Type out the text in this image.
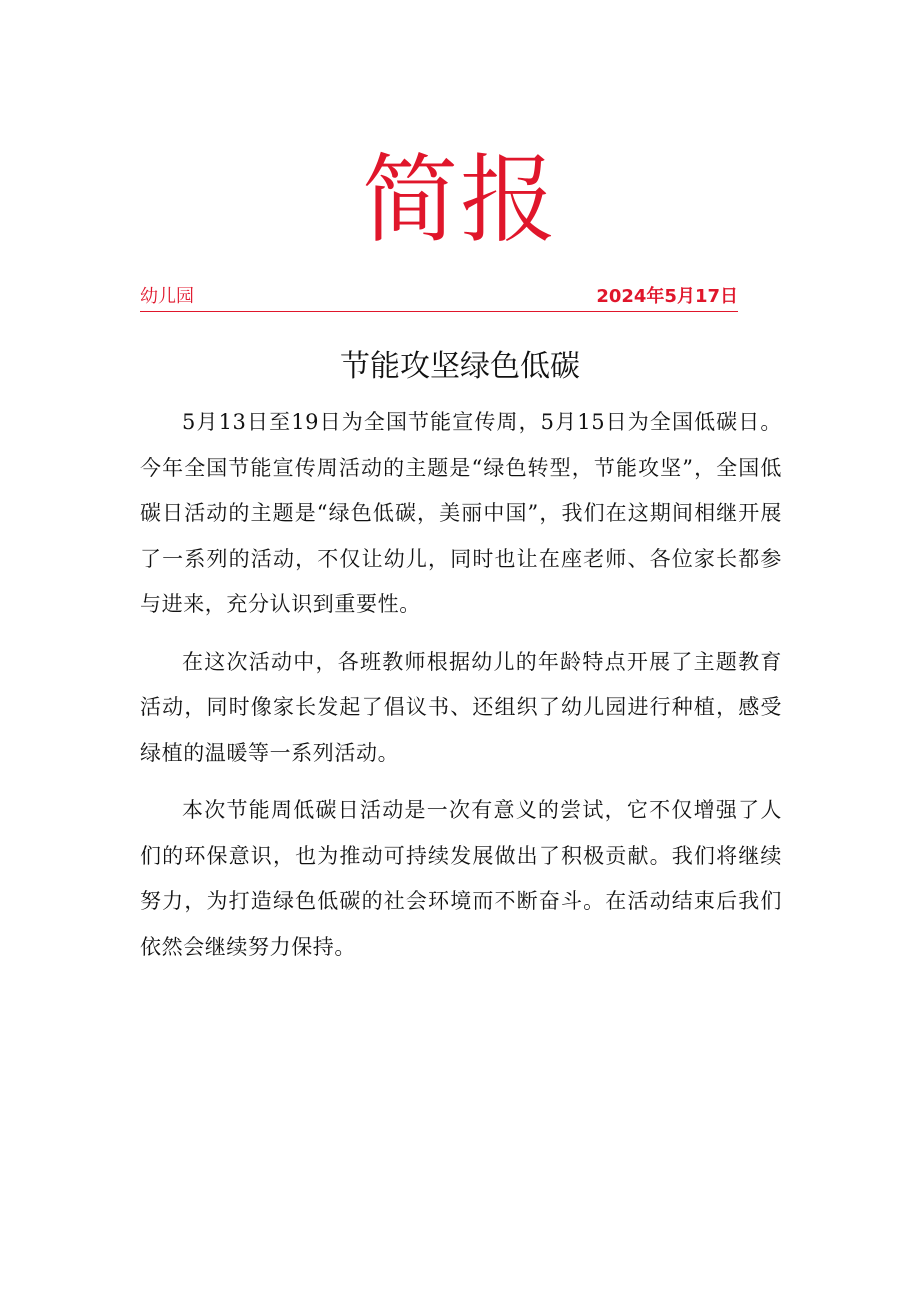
简报
幼儿园	2024年5月17日
节能攻坚绿色低碳

5月13日至19日为全国节能宣传周，5月15日为全国低碳日。今年全国节能宣传周活动的主题是“绿色转型，节能攻坚”，全国低碳日活动的主题是“绿色低碳，美丽中国”，我们在这期间相继开展了一系列的活动，不仅让幼儿，同时也让在座老师、各位家长都参与进来，充分认识到重要性。

在这次活动中，各班教师根据幼儿的年龄特点开展了主题教育活动，同时像家长发起了倡议书、还组织了幼儿园进行种植，感受绿植的温暖等一系列活动。

本次节能周低碳日活动是一次有意义的尝试，它不仅增强了人们的环保意识，也为推动可持续发展做出了积极贡献。我们将继续努力，为打造绿色低碳的社会环境而不断奋斗。在活动结束后我们依然会继续努力保持。
